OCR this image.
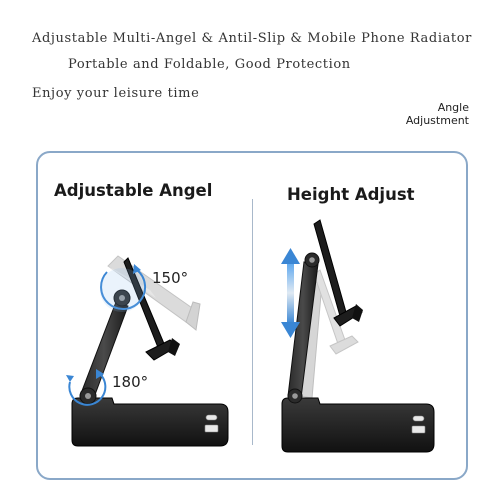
Adjustable Multi-Angel & Antil-Slip & Mobile Phone Radiator
Portable and Foldable, Good Protection
Enjoy your leisure time
Angle
Adjustment
Adjustable Angel	Height Adjust
150°
180°
